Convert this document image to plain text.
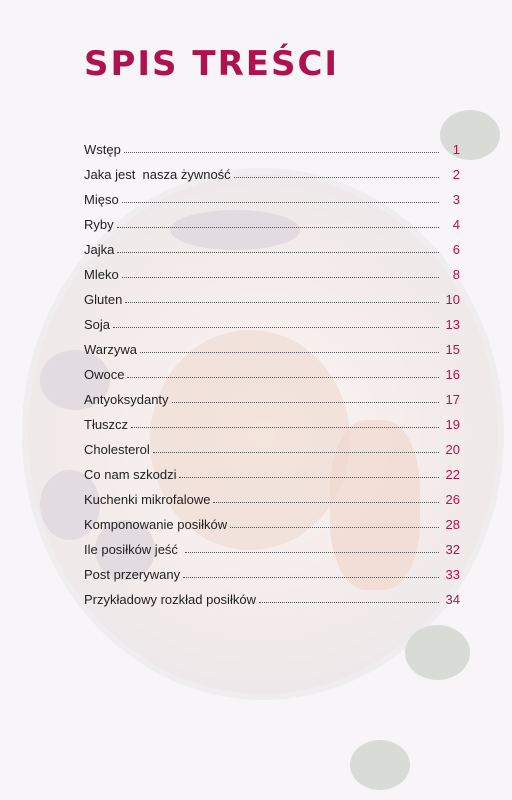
SPIS TREŚCI
Wstęp	1
Jaka jest  nasza żywność	2
Mięso	3
Ryby	4
Jajka	6
Mleko	8
Gluten	10
Soja	13
Warzywa	15
Owoce	16
Antyoksydanty	17
Tłuszcz	19
Cholesterol	20
Co nam szkodzi	22
Kuchenki mikrofalowe	26
Komponowanie posiłków	28
Ile posiłków jeść	32
Post przerywany	33
Przykładowy rozkład posiłków	34
